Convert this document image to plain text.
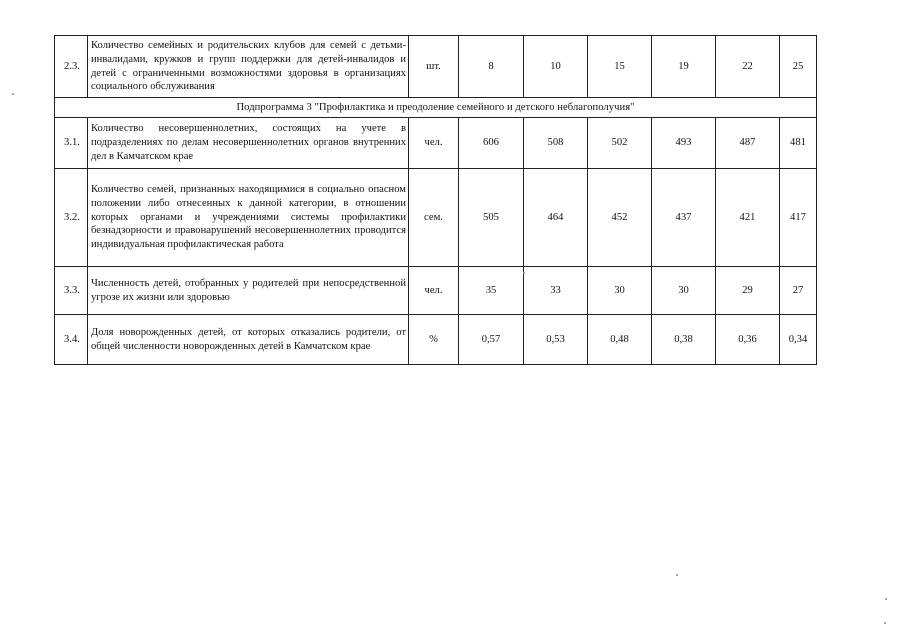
2.3.	Количество семейных и родительских клубов для семей с детьми-инвалидами, кружков и групп поддержки для детей-инвалидов и детей с ограниченными возможностями здоровья в организациях социального обслуживания	шт.	8	10	15	19	22	25
Подпрограмма 3 "Профилактика и преодоление семейного и детского неблагополучия"								
3.1.	Количество несовершеннолетних, состоящих на учете в подразделениях по делам несовершеннолетних органов внутренних дел в Камчатском крае	чел.	606	508	502	493	487	481
3.2.	Количество семей, признанных находящимися в социально опасном положении либо отнесенных к данной категории, в отношении которых органами и учреждениями системы профилактики безнадзорности и правонарушений несовершеннолетних проводится индивидуальная профилактическая работа	сем.	505	464	452	437	421	417
3.3.	Численность детей, отобранных у родителей при непосредственной угрозе их жизни или здоровью	чел.	35	33	30	30	29	27
3.4.	Доля новорожденных детей, от которых отказались родители, от общей численности новорожденных детей в Камчатском крае	%	0,57	0,53	0,48	0,38	0,36	0,34
